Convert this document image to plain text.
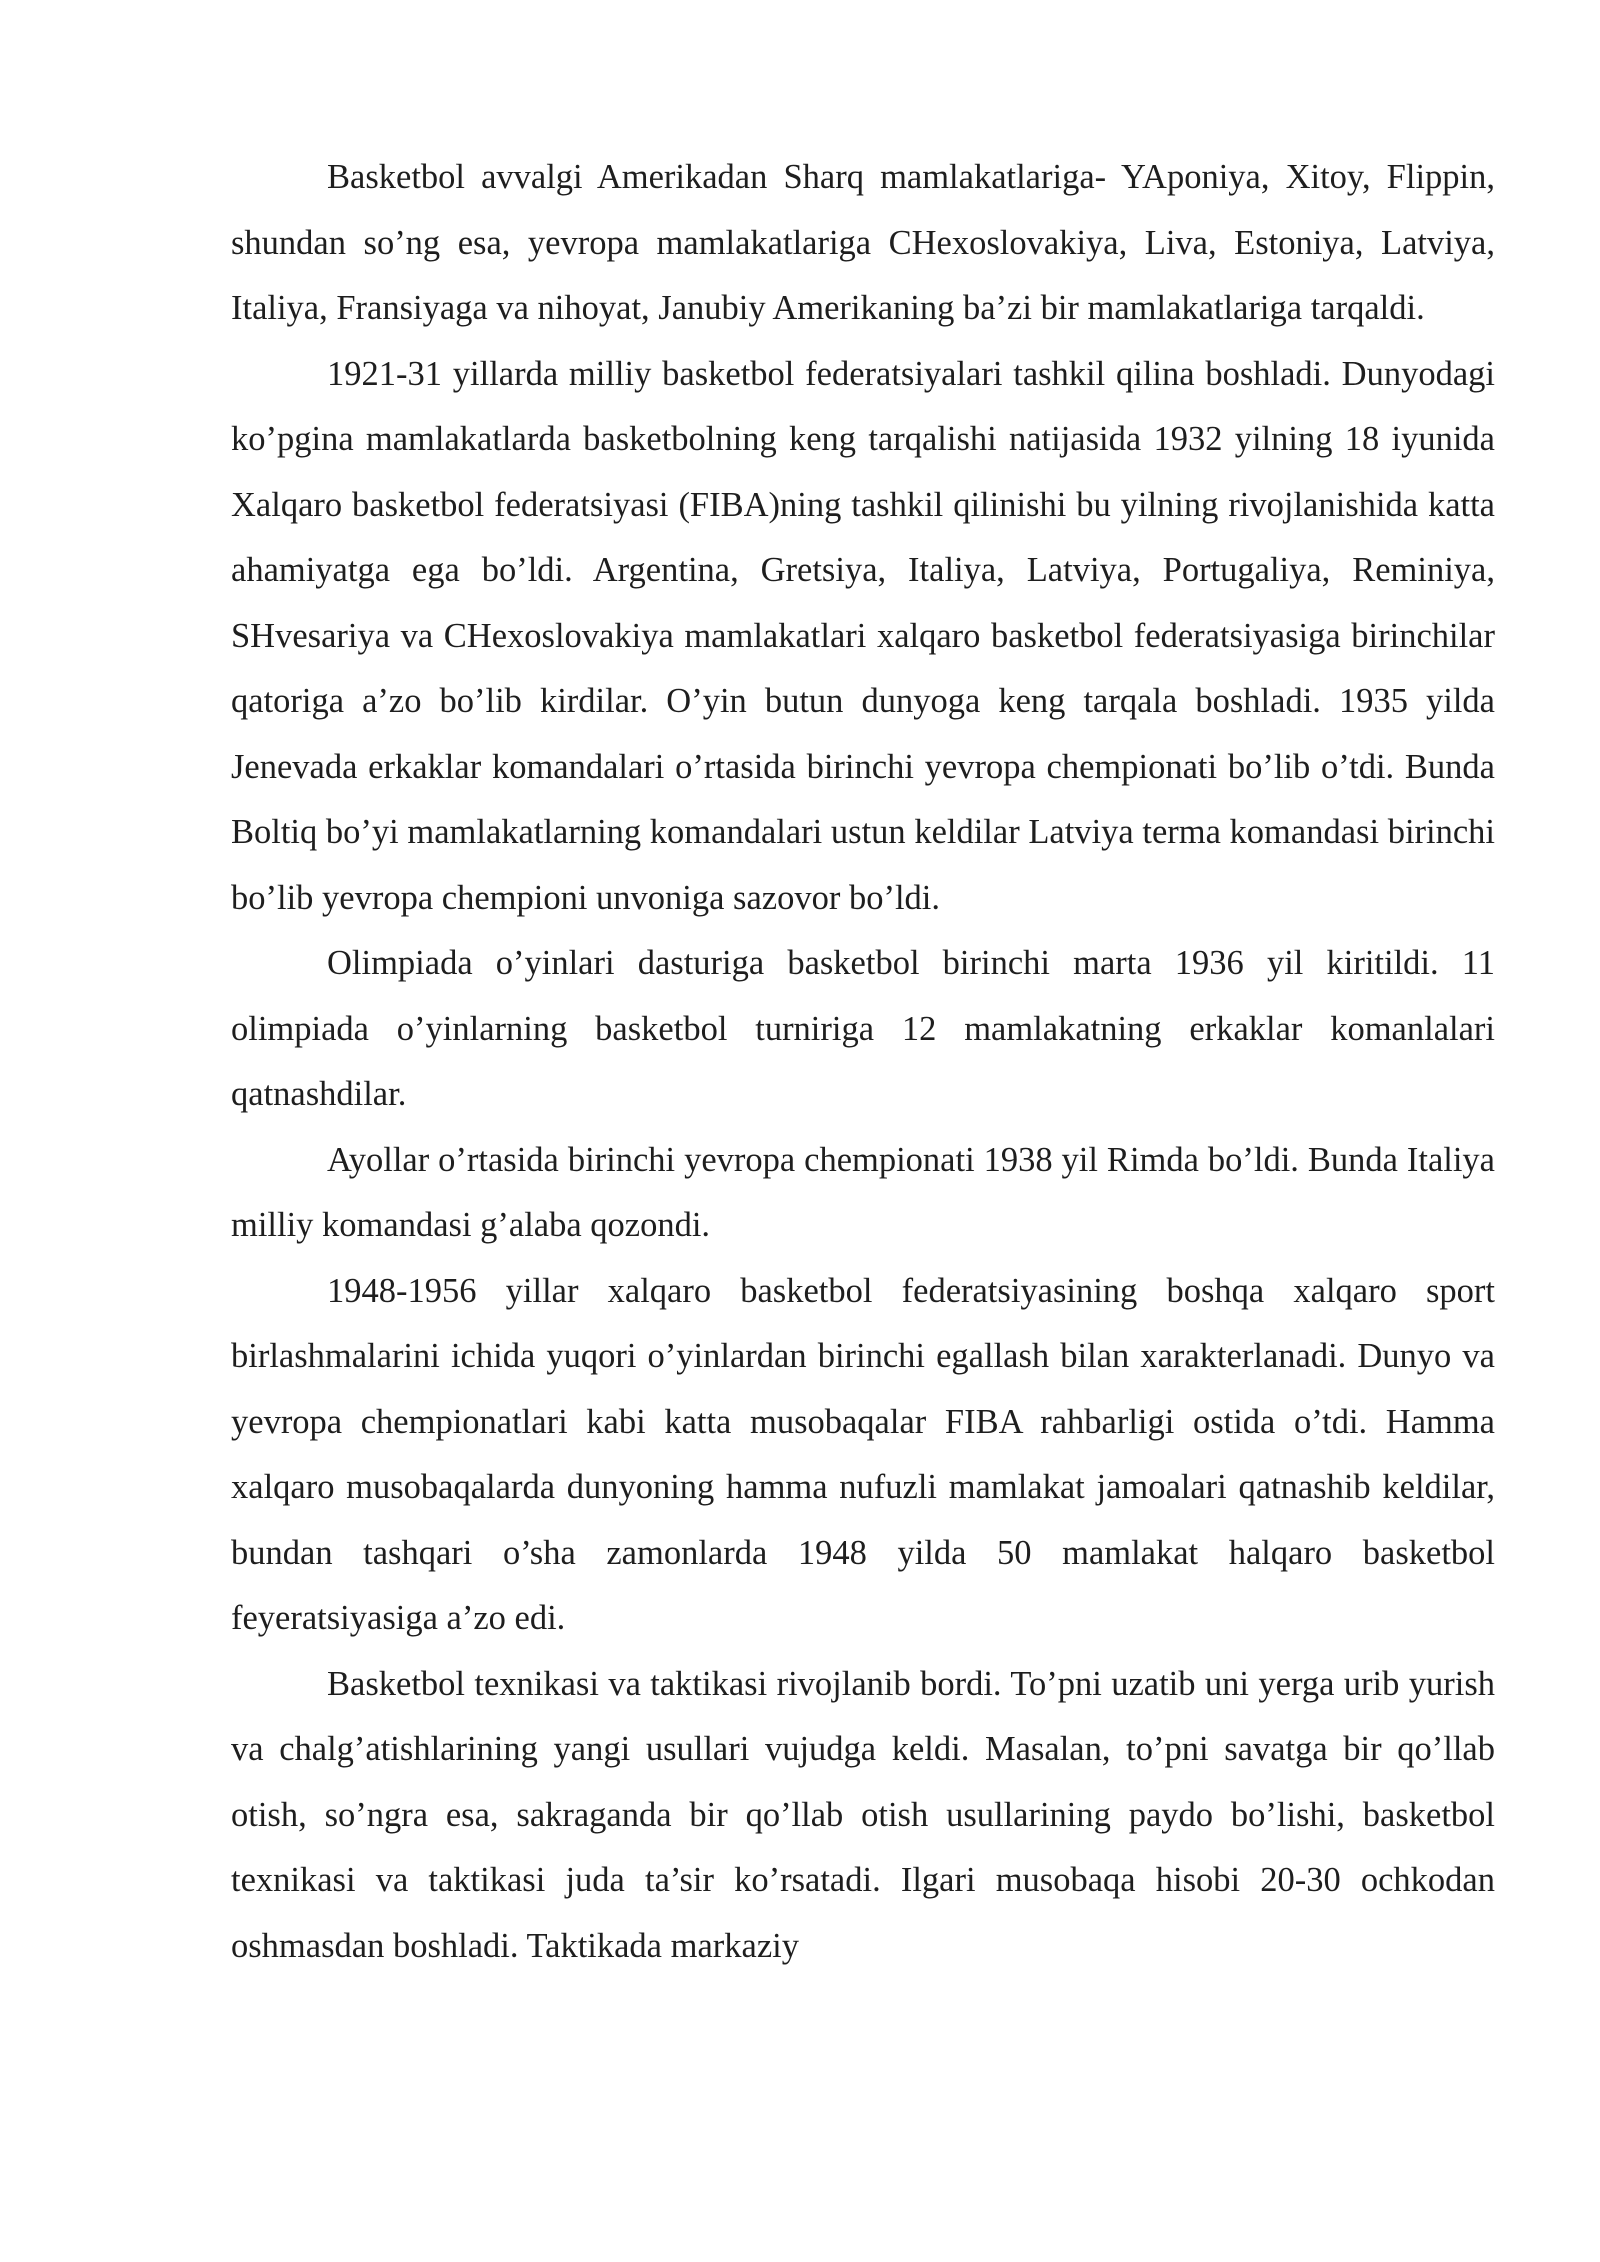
Basketbol avvalgi Amerikadan Sharq mamlakatlariga- YAponiya, Xitoy, Flippin, shundan so’ng esa, yevropa mamlakatlariga CHexoslovakiya, Liva, Estoniya, Latviya, Italiya, Fransiyaga va nihoyat, Janubiy Amerikaning ba’zi bir mamlakatlariga tarqaldi.

1921-31 yillarda milliy basketbol federatsiyalari tashkil qilina boshladi. Dunyodagi ko’pgina mamlakatlarda basketbolning keng tarqalishi natijasida 1932 yilning 18 iyunida Xalqaro basketbol federatsiyasi (FIBA)ning tashkil qilinishi bu yilning rivojlanishida katta ahamiyatga ega bo’ldi. Argentina, Gretsiya, Italiya, Latviya, Portugaliya, Reminiya, SHvesariya va CHexoslovakiya mamlakatlari xalqaro basketbol federatsiyasiga birinchilar qatoriga a’zo bo’lib kirdilar. O’yin butun dunyoga keng tarqala boshladi. 1935 yilda Jenevada erkaklar komandalari o’rtasida birinchi yevropa chempionati bo’lib o’tdi. Bunda Boltiq bo’yi mamlakatlarning komandalari ustun keldilar Latviya terma komandasi birinchi bo’lib yevropa chempioni unvoniga sazovor bo’ldi.

Olimpiada o’yinlari dasturiga basketbol birinchi marta 1936 yil kiritildi. 11 olimpiada o’yinlarning basketbol turniriga 12 mamlakatning erkaklar komanlalari qatnashdilar.

Ayollar o’rtasida birinchi yevropa chempionati 1938 yil Rimda bo’ldi. Bunda Italiya milliy komandasi g’alaba qozondi.

1948-1956 yillar xalqaro basketbol federatsiyasining boshqa xalqaro sport birlashmalarini ichida yuqori o’yinlardan birinchi egallash bilan xarakterlanadi. Dunyo va yevropa chempionatlari kabi katta musobaqalar FIBA rahbarligi ostida o’tdi. Hamma xalqaro musobaqalarda dunyoning hamma nufuzli mamlakat jamoalari qatnashib keldilar, bundan tashqari o’sha zamonlarda 1948 yilda 50 mamlakat halqaro basketbol feyeratsiyasiga a’zo edi.

Basketbol texnikasi va taktikasi rivojlanib bordi. To’pni uzatib uni yerga urib yurish va chalg’atishlarining yangi usullari vujudga keldi. Masalan, to’pni savatga bir qo’llab otish, so’ngra esa, sakraganda bir qo’llab otish usullarining paydo bo’lishi, basketbol texnikasi va taktikasi juda ta’sir ko’rsatadi. Ilgari musobaqa hisobi 20-30 ochkodan oshmasdan boshladi. Taktikada markaziy
